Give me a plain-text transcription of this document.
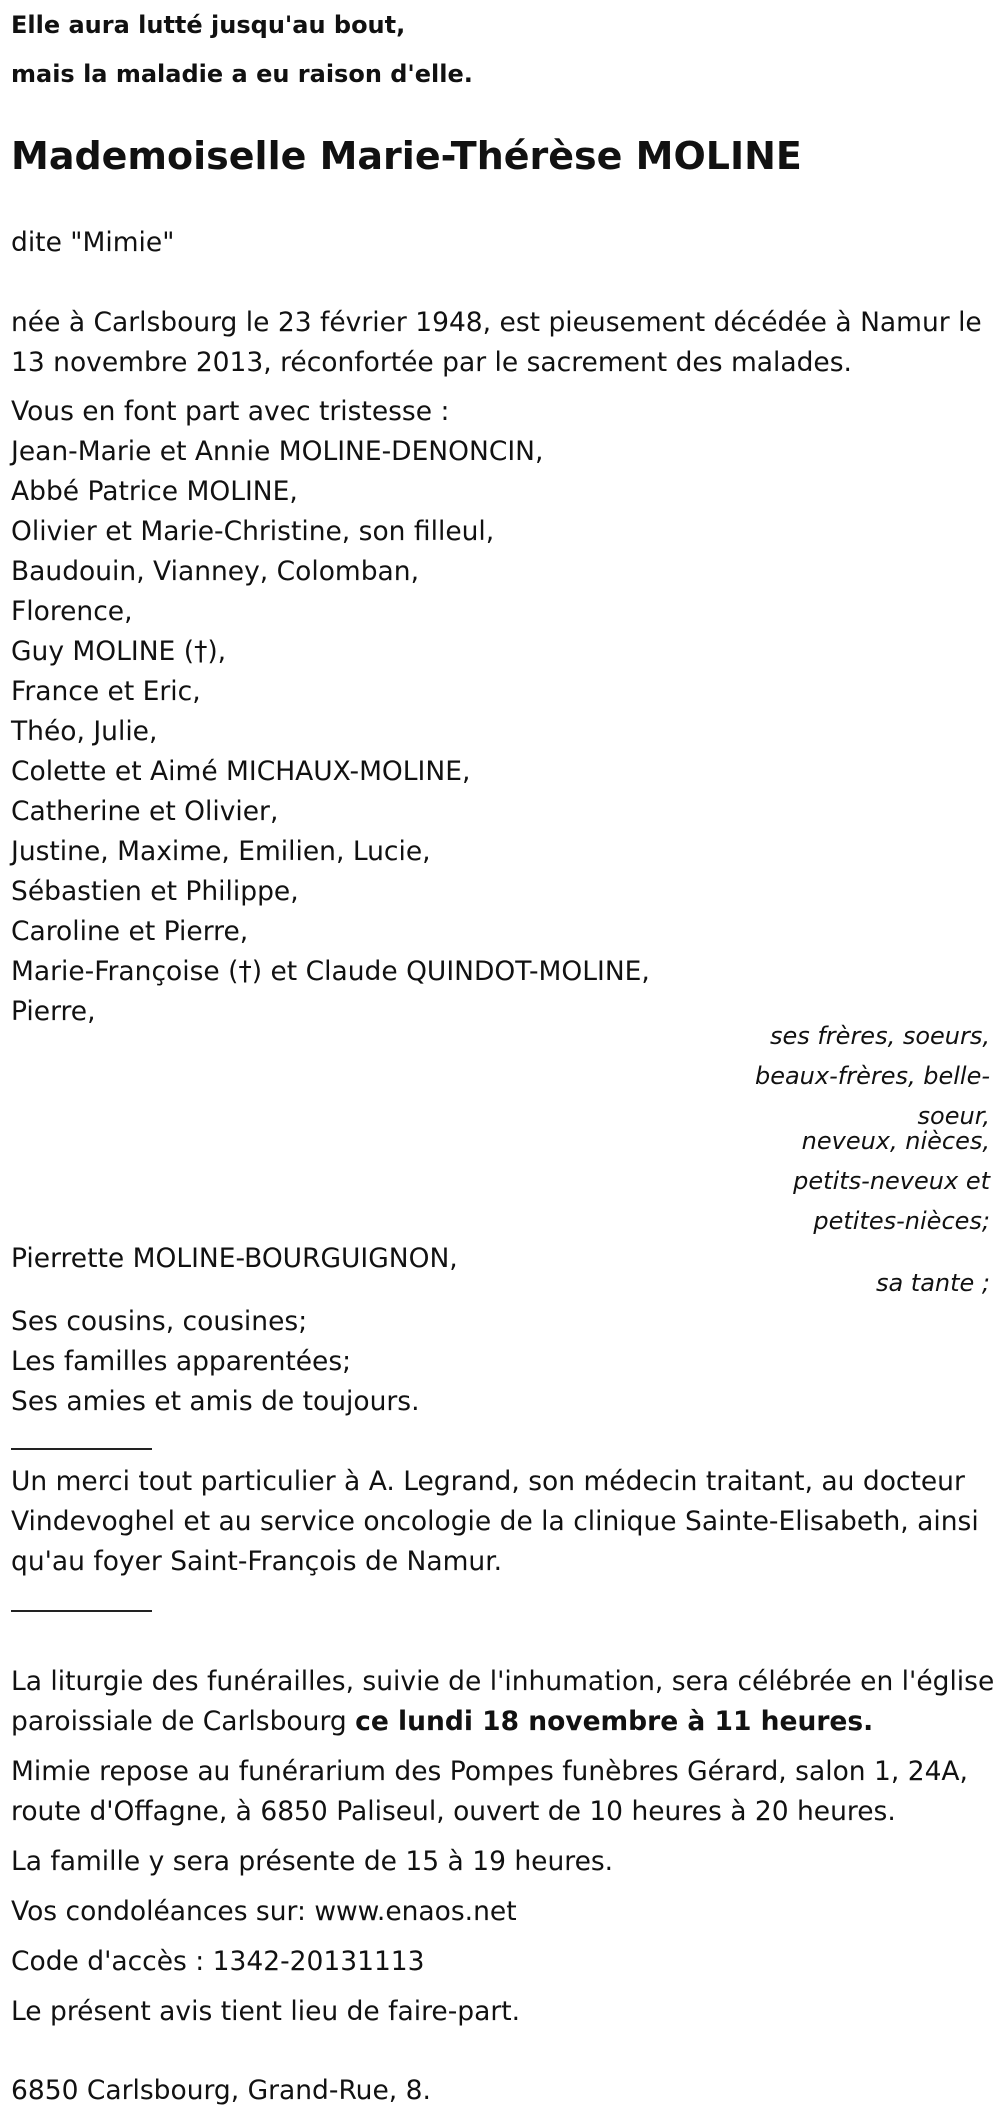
Elle aura lutté jusqu'au bout,
mais la maladie a eu raison d'elle.
Mademoiselle Marie-Thérèse MOLINE
dite "Mimie"
née à Carlsbourg le 23 février 1948, est pieusement décédée à Namur le
13 novembre 2013, réconfortée par le sacrement des malades.
Vous en font part avec tristesse :
Jean-Marie et Annie MOLINE-DENONCIN,
Abbé Patrice MOLINE,
Olivier et Marie-Christine, son filleul,
Baudouin, Vianney, Colomban,
Florence,
Guy MOLINE (†),
France et Eric,
Théo, Julie,
Colette et Aimé MICHAUX-MOLINE,
Catherine et Olivier,
Justine, Maxime, Emilien, Lucie,
Sébastien et Philippe,
Caroline et Pierre,
Marie-Françoise (†) et Claude QUINDOT-MOLINE,
Pierre,
ses frères, soeurs,
beaux-frères, belle-
soeur,
neveux, nièces,
petits-neveux et
petites-nièces;
Pierrette MOLINE-BOURGUIGNON,
sa tante ;
Ses cousins, cousines;
Les familles apparentées;
Ses amies et amis de toujours.
Un merci tout particulier à A. Legrand, son médecin traitant, au docteur
Vindevoghel et au service oncologie de la clinique Sainte-Elisabeth, ainsi
qu'au foyer Saint-François de Namur.
La liturgie des funérailles, suivie de l'inhumation, sera célébrée en l'église
paroissiale de Carlsbourg ce lundi 18 novembre à 11 heures.
Mimie repose au funérarium des Pompes funèbres Gérard, salon 1, 24A,
route d'Offagne, à 6850 Paliseul, ouvert de 10 heures à 20 heures.
La famille y sera présente de 15 à 19 heures.
Vos condoléances sur: www.enaos.net
Code d'accès : 1342-20131113
Le présent avis tient lieu de faire-part.
6850 Carlsbourg, Grand-Rue, 8.
